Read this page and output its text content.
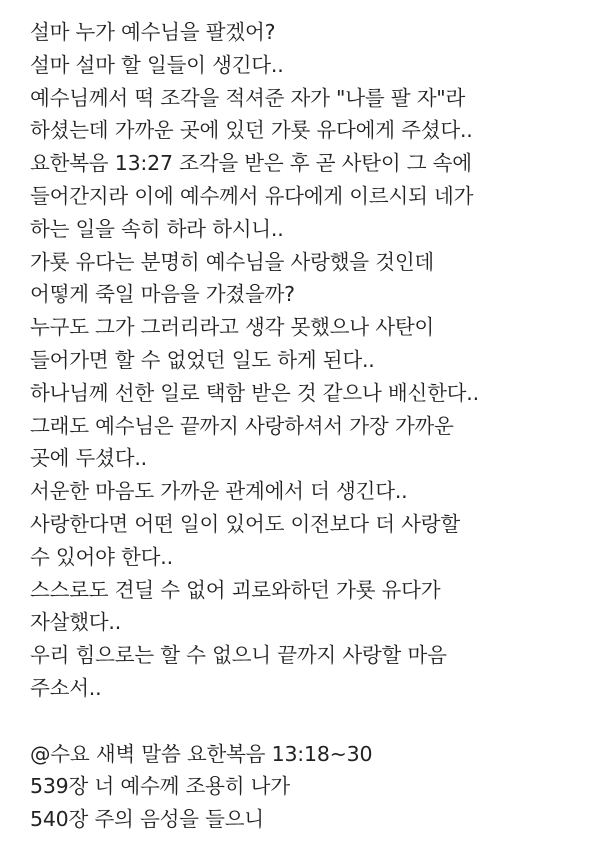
설마 누가 예수님을 팔겠어?
설마 설마 할 일들이 생긴다..
예수님께서 떡 조각을 적셔준 자가 "나를 팔 자"라
하셨는데 가까운 곳에 있던 가룟 유다에게 주셨다..
요한복음 13:27 조각을 받은 후 곧 사탄이 그 속에
들어간지라 이에 예수께서 유다에게 이르시되 네가
하는 일을 속히 하라 하시니..
가룟 유다는 분명히 예수님을 사랑했을 것인데
어떻게 죽일 마음을 가졌을까?
누구도 그가 그러리라고 생각 못했으나 사탄이
들어가면 할 수 없었던 일도 하게 된다..
하나님께 선한 일로 택함 받은 것 같으나 배신한다..
그래도 예수님은 끝까지 사랑하셔서 가장 가까운
곳에 두셨다..
서운한 마음도 가까운 관계에서 더 생긴다..
사랑한다면 어떤 일이 있어도 이전보다 더 사랑할
수 있어야 한다..
스스로도 견딜 수 없어 괴로와하던 가룟 유다가
자살했다..
우리 힘으로는 할 수 없으니 끝까지 사랑할 마음
주소서..
@수요 새벽 말씀 요한복음 13:18~30
539장 너 예수께 조용히 나가
540장 주의 음성을 들으니
